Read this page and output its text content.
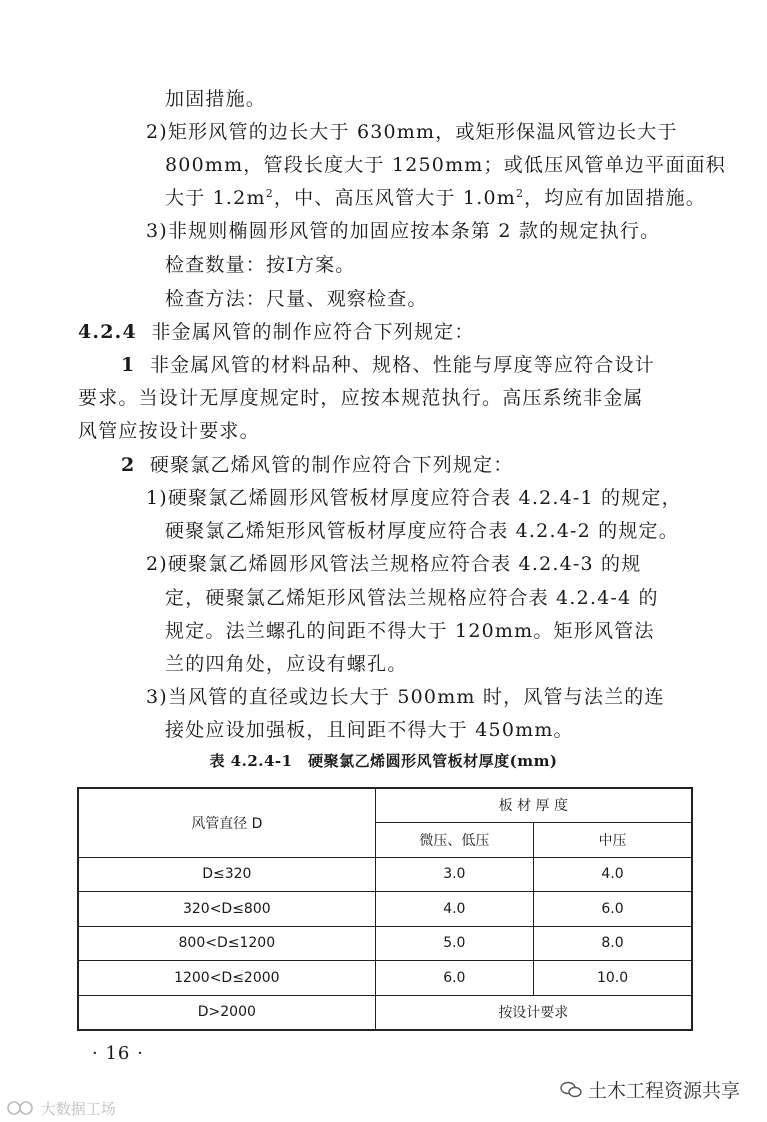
加固措施。
2)矩形风管的边长大于 630mm，或矩形保温风管边长大于
800mm，管段长度大于 1250mm；或低压风管单边平面面积
大于 $1.2m^2$，中、高压风管大于 $1.0m^2$，均应有加固措施。
3)非规则椭圆形风管的加固应按本条第 2 款的规定执行。
检查数量：按Ⅰ方案。
检查方法：尺量、观察检查。
4.2.4 非金属风管的制作应符合下列规定：
1 非金属风管的材料品种、规格、性能与厚度等应符合设计
要求。当设计无厚度规定时，应按本规范执行。高压系统非金属
风管应按设计要求。
2 硬聚氯乙烯风管的制作应符合下列规定：
1)硬聚氯乙烯圆形风管板材厚度应符合表 4.2.4-1 的规定，
硬聚氯乙烯矩形风管板材厚度应符合表 4.2.4-2 的规定。
2)硬聚氯乙烯圆形风管法兰规格应符合表 4.2.4-3 的规
定，硬聚氯乙烯矩形风管法兰规格应符合表 4.2.4-4 的
规定。法兰螺孔的间距不得大于 120mm。矩形风管法
兰的四角处，应设有螺孔。
3)当风管的直径或边长大于 500mm 时，风管与法兰的连
接处应设加强板，且间距不得大于 450mm。
表 4.2.4-1　硬聚氯乙烯圆形风管板材厚度(mm)
风管直径 D	板 材 厚 度	
	微压、低压	中压
D≤320	3.0	4.0
320<D≤800	4.0	6.0
800<D≤1200	5.0	8.0
1200<D≤2000	6.0	10.0
D>2000	按设计要求	
· 16 ·
土木工程资源共享
大数据工场
